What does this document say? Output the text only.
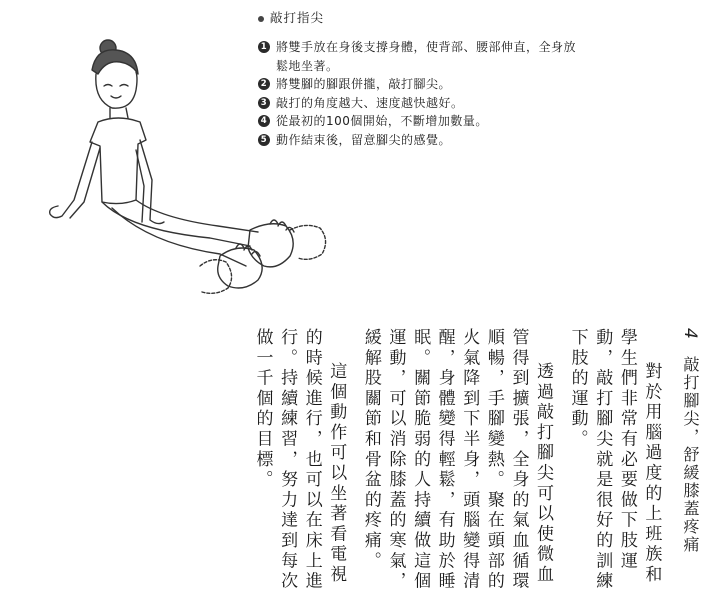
敲打指尖
1 將雙手放在身後支撐身體，使背部、腰部伸直，全身放鬆地坐著。
2 將雙腳的腳跟併攏，敲打腳尖。
3 敲打的角度越大、速度越快越好。
4 從最初的100個開始，不斷增加數量。
5 動作結束後，留意腳尖的感覺。
4 敲打腳尖，舒緩膝蓋疼痛

對於用腦過度的上班族和學生們非常有必要做下肢運動，敲打腳尖就是很好的訓練下肢的運動。

透過敲打腳尖可以使微血管得到擴張，全身的氣血循環順暢，手腳變熱。聚在頭部的火氣降到下半身，頭腦變得清醒，身體變得輕鬆，有助於睡眠。關節脆弱的人持續做這個運動，可以消除膝蓋的寒氣，緩解股關節和骨盆的疼痛。

這個動作可以坐著看電視的時候進行，也可以在床上進行。持續練習，努力達到每次做一千個的目標。
